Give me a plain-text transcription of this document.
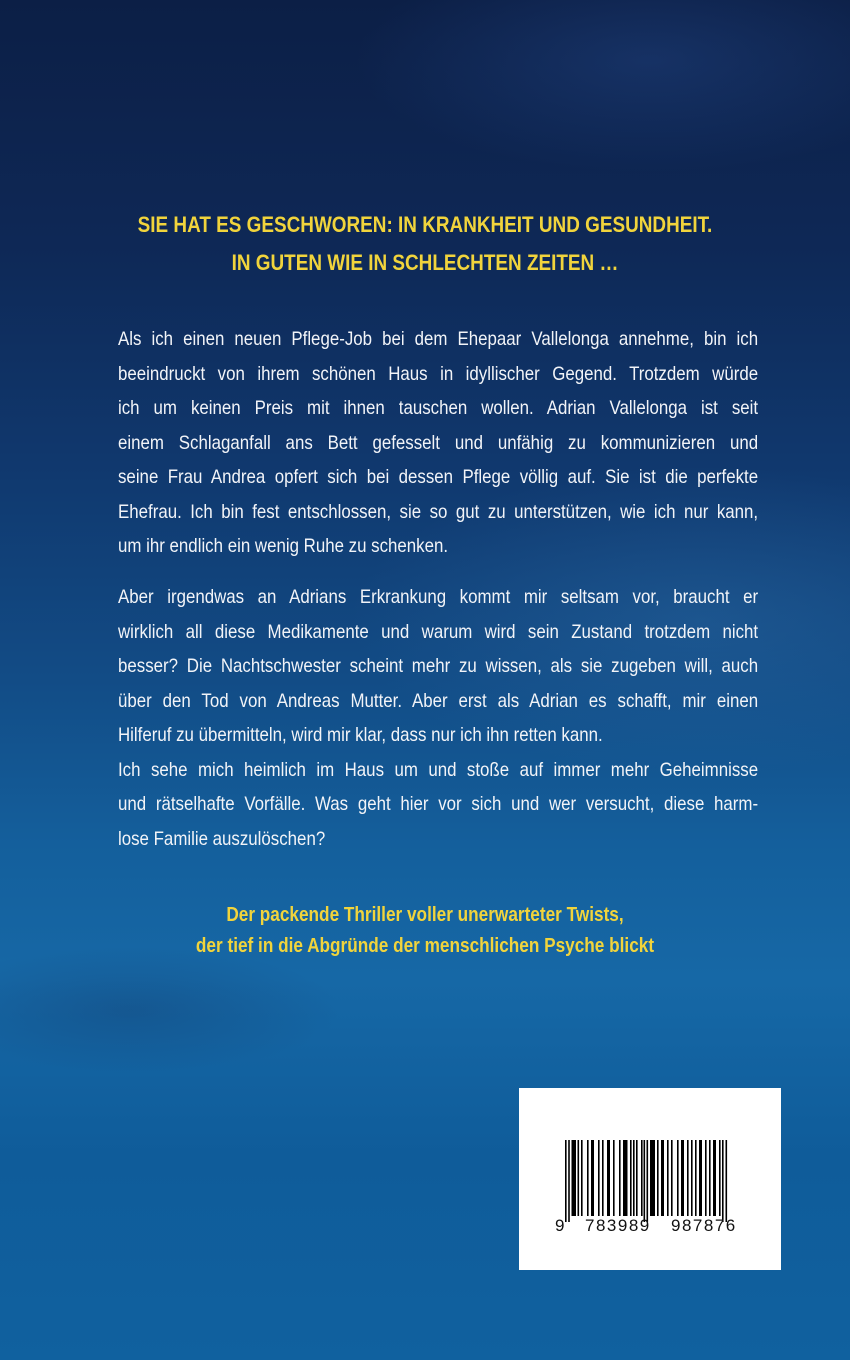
SIE HAT ES GESCHWOREN: IN KRANKHEIT UND GESUNDHEIT.
IN GUTEN WIE IN SCHLECHTEN ZEITEN …
Als ich einen neuen Pflege-Job bei dem Ehepaar Vallelonga annehme, bin ich
beeindruckt von ihrem schönen Haus in idyllischer Gegend. Trotzdem würde
ich um keinen Preis mit ihnen tauschen wollen. Adrian Vallelonga ist seit
einem Schlaganfall ans Bett gefesselt und unfähig zu kommunizieren und
seine Frau Andrea opfert sich bei dessen Pflege völlig auf. Sie ist die perfekte
Ehefrau. Ich bin fest entschlossen, sie so gut zu unterstützen, wie ich nur kann,
um ihr endlich ein wenig Ruhe zu schenken.
Aber irgendwas an Adrians Erkrankung kommt mir seltsam vor, braucht er
wirklich all diese Medikamente und warum wird sein Zustand trotzdem nicht
besser? Die Nachtschwester scheint mehr zu wissen, als sie zugeben will, auch
über den Tod von Andreas Mutter. Aber erst als Adrian es schafft, mir einen
Hilferuf zu übermitteln, wird mir klar, dass nur ich ihn retten kann.
Ich sehe mich heimlich im Haus um und stoße auf immer mehr Geheimnisse
und rätselhafte Vorfälle. Was geht hier vor sich und wer versucht, diese harm-
lose Familie auszulöschen?
Der packende Thriller voller unerwarteter Twists,
der tief in die Abgründe der menschlichen Psyche blickt
9 783989 987876
